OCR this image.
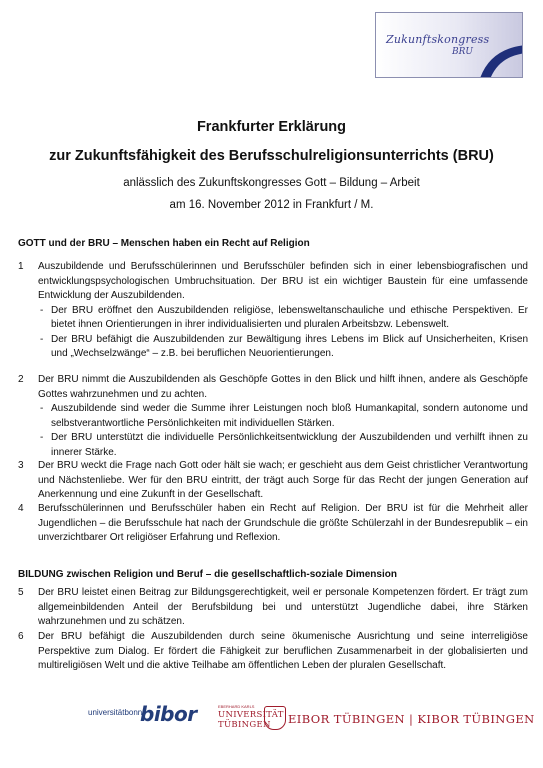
Zukunftskongress
BRU
Frankfurter Erklärung
zur Zukunftsfähigkeit des Berufsschulreligionsunterrichts (BRU)
anlässlich des Zukunftskongresses Gott – Bildung – Arbeit
am 16. November 2012 in Frankfurt / M.
GOTT und der BRU – Menschen haben ein Recht auf Religion
1 Auszubildende und Berufsschülerinnen und Berufsschüler befinden sich in einer lebensbiografischen und entwicklungspsychologischen Umbruchsituation. Der BRU ist ein wichtiger Baustein für eine umfassende Entwicklung der Auszubildenden.
- Der BRU eröffnet den Auszubildenden religiöse, lebensweltanschauliche und ethische Perspektiven. Er bietet ihnen Orientierungen in ihrer individualisierten und pluralen Arbeitsbzw. Lebenswelt.
- Der BRU befähigt die Auszubildenden zur Bewältigung ihres Lebens im Blick auf Unsicherheiten, Krisen und „Wechselzwänge“ – z.B. bei beruflichen Neuorientierungen.
2 Der BRU nimmt die Auszubildenden als Geschöpfe Gottes in den Blick und hilft ihnen, andere als Geschöpfe Gottes wahrzunehmen und zu achten.
- Auszubildende sind weder die Summe ihrer Leistungen noch bloß Humankapital, sondern autonome und selbstverantwortliche Persönlichkeiten mit individuellen Stärken.
- Der BRU unterstützt die individuelle Persönlichkeitsentwicklung der Auszubildenden und verhilft ihnen zu innerer Stärke.
3 Der BRU weckt die Frage nach Gott oder hält sie wach; er geschieht aus dem Geist christlicher Verantwortung und Nächstenliebe. Wer für den BRU eintritt, der trägt auch Sorge für das Recht der jungen Generation auf Anerkennung und eine Zukunft in der Gesellschaft.
4 Berufsschülerinnen und Berufsschüler haben ein Recht auf Religion. Der BRU ist für die Mehrheit aller Jugendlichen – die Berufsschule hat nach der Grundschule die größte Schülerzahl in der Bundesrepublik – ein unverzichtbarer Ort religiöser Erfahrung und Reflexion.
BILDUNG zwischen Religion und Beruf – die gesellschaftlich-soziale Dimension
5 Der BRU leistet einen Beitrag zur Bildungsgerechtigkeit, weil er personale Kompetenzen fördert. Er trägt zum allgemeinbildenden Anteil der Berufsbildung bei und unterstützt Jugendliche dabei, ihre Stärken wahrzunehmen und zu schätzen.
6 Der BRU befähigt die Auszubildenden durch seine ökumenische Ausrichtung und seine interreligiöse Perspektive zum Dialog. Er fördert die Fähigkeit zur beruflichen Zusammenarbeit in der globalisierten und multireligiösen Welt und die aktive Teilhabe am öffentlichen Leben der pluralen Gesellschaft.
universitätbonn
bibor	EBERHARD KARLS
UNIVERSITÄT
TÜBINGEN EIBOR TÜBINGEN | KIBOR TÜBINGEN
